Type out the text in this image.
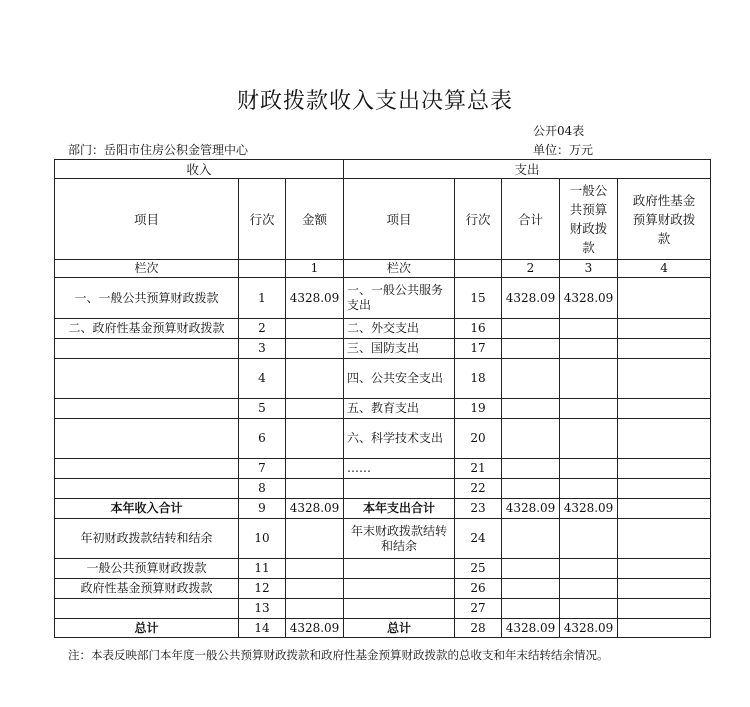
财政拨款收入支出决算总表
公开04表
部门：岳阳市住房公积金管理中心	单位：万元
收入			支出				
项目	行次	金额	项目	行次	合计	一般公共预算财政拨款	政府性基金预算财政拨款
栏次		1	栏次		2	3	4
一、一般公共预算财政拨款	1	4328.09	一、一般公共服务支出	15	4328.09	4328.09	
二、政府性基金预算财政拨款	2		二、外交支出	16			
	3		三、国防支出	17			
	4		四、公共安全支出	18			
	5		五、教育支出	19			
	6		六、科学技术支出	20			
	7		……	21			
	8			22			
本年收入合计	9	4328.09	本年支出合计	23	4328.09	4328.09	
年初财政拨款结转和结余	10		年末财政拨款结转和结余	24			
一般公共预算财政拨款	11			25			
政府性基金预算财政拨款	12			26			
	13			27			
总计	14	4328.09	总计	28	4328.09	4328.09	
注：本表反映部门本年度一般公共预算财政拨款和政府性基金预算财政拨款的总收支和年末结转结余情况。
